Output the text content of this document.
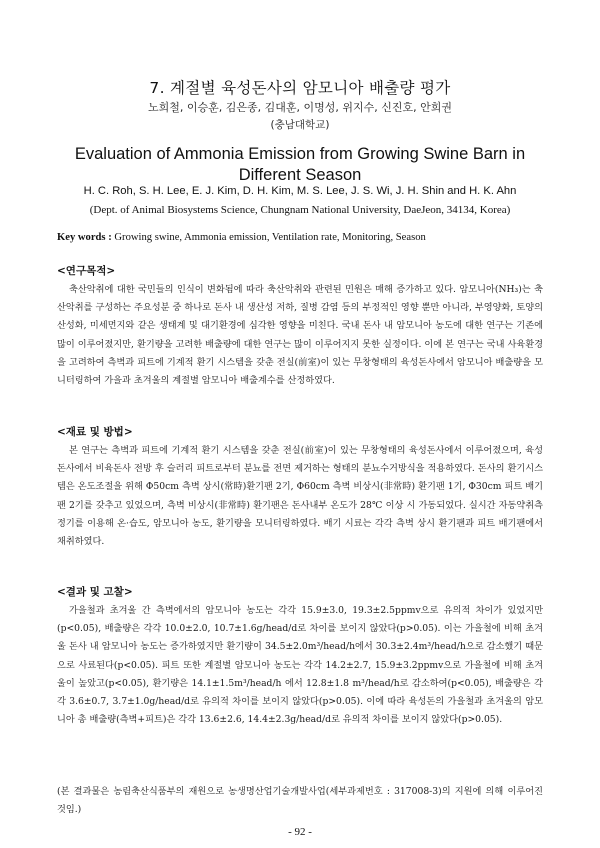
7. 계절별 육성돈사의 암모니아 배출량 평가
노희철, 이승훈, 김은종, 김대훈, 이명성, 위지수, 신진호, 안희권
(충남대학교)
Evaluation of Ammonia Emission from Growing Swine Barn in Different Season
H. C. Roh, S. H. Lee, E. J. Kim, D. H. Kim, M. S. Lee, J. S. Wi, J. H. Shin and H. K. Ahn
(Dept. of Animal Biosystems Science, Chungnam National University, DaeJeon, 34134, Korea)
Key words : Growing swine, Ammonia emission, Ventilation rate, Monitoring, Season
<연구목적>
축산악취에 대한 국민들의 인식이 변화됨에 따라 축산악취와 관련된 민원은 매해 증가하고 있다. 암모니아(NH₃)는 축산악취를 구성하는 주요성분 중 하나로 돈사 내 생산성 저하, 질병 감염 등의 부정적인 영향 뿐만 아니라, 부영양화, 토양의 산성화, 미세먼지와 같은 생태계 및 대기환경에 심각한 영향을 미친다. 국내 돈사 내 암모니아 농도에 대한 연구는 기존에 많이 이루어졌지만, 환기량을 고려한 배출량에 대한 연구는 많이 이루어지지 못한 실정이다. 이에 본 연구는 국내 사육환경을 고려하여 측벽과 피트에 기계적 환기 시스템을 갖춘 전실(前室)이 있는 무창형태의 육성돈사에서 암모니아 배출량을 모니터링하여 가을과 초겨울의 계절별 암모니아 배출계수를 산정하였다.
<재료 및 방법>
본 연구는 측벽과 피트에 기계적 환기 시스템을 갖춘 전실(前室)이 있는 무창형태의 육성돈사에서 이루어졌으며, 육성돈사에서 비육돈사 전방 후 슬러리 피트로부터 분뇨를 전면 제거하는 형태의 분뇨수거방식을 적용하였다. 돈사의 환기시스템은 온도조절을 위해 Φ50cm 측벽 상시(常時)환기팬 2기, Φ60cm 측벽 비상시(非常時) 환기팬 1기, Φ30cm 피트 배기팬 2기를 갖추고 있었으며, 측벽 비상시(非常時) 환기팬은 돈사내부 온도가 28℃ 이상 시 가동되었다. 실시간 자동약취측정기를 이용해 온·습도, 암모니아 농도, 환기량을 모니터링하였다. 배기 시료는 각각 측벽 상시 환기팬과 피트 배기팬에서 채취하였다.
<결과 및 고찰>
가을철과 초겨울 간 측벽에서의 암모니아 농도는 각각 15.9±3.0, 19.3±2.5ppmv으로 유의적 차이가 있었지만(p<0.05), 배출량은 각각 10.0±2.0, 10.7±1.6g/head/d로 차이를 보이지 않았다(p>0.05). 이는 가을철에 비해 초겨울 돈사 내 암모니아 농도는 증가하였지만 환기량이 34.5±2.0m³/head/h에서 30.3±2.4m³/head/h으로 감소했기 때문으로 사료된다(p<0.05). 피트 또한 계절별 암모니아 농도는 각각 14.2±2.7, 15.9±3.2ppmv으로 가을철에 비해 초겨울이 높았고(p<0.05), 환기량은 14.1±1.5m³/head/h 에서 12.8±1.8 m³/head/h로 감소하여(p<0.05), 배출량은 각각 3.6±0.7, 3.7±1.0g/head/d로 유의적 차이를 보이지 않았다(p>0.05). 이에 따라 육성돈의 가을철과 초겨울의 암모니아 총 배출량(측벽+피트)은 각각 13.6±2.6, 14.4±2.3g/head/d로 유의적 차이를 보이지 않았다(p>0.05).
(본 결과물은 농림축산식품부의 재원으로 농생명산업기술개발사업(세부과제번호 : 317008-3)의 지원에 의해 이루어진 것임.)
- 92 -
